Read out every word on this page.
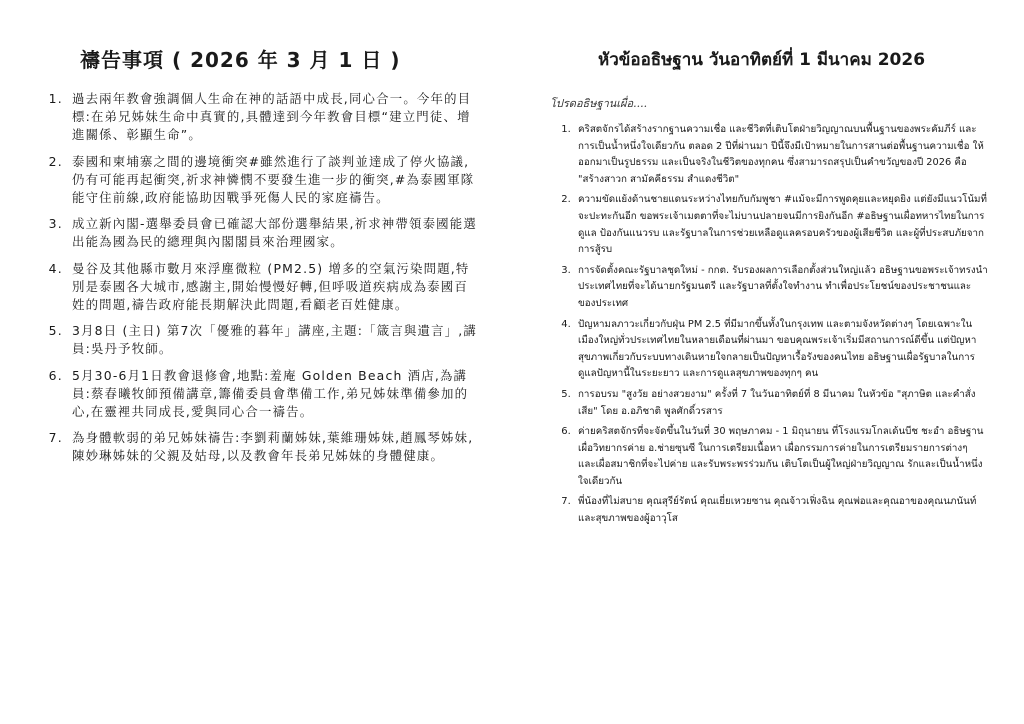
禱告事項 ( 2026 年 3 月 1 日 )
1. 過去兩年教會強調個人生命在神的話語中成長,同心合一。今年的目標:在弟兄姊妹生命中真實的,具體達到今年教會目標“建立門徒、增進關係、彰顯生命”。
2. 泰國和柬埔寨之間的邊境衝突#雖然進行了談判並達成了停火協議,仍有可能再起衝突,祈求神憐憫不要發生進一步的衝突,#為泰國軍隊能守住前線,政府能協助因戰爭死傷人民的家庭禱告。
3. 成立新內閣-選舉委員會已確認大部份選舉結果,祈求神帶領泰國能選出能為國為民的總理與內閣閣員來治理國家。
4. 曼谷及其他縣市數月來浮塵微粒 (PM2.5) 增多的空氣污染問題,特別是泰國各大城市,感謝主,開始慢慢好轉,但呼吸道疾病成為泰國百姓的問題,禱告政府能長期解決此問題,看顧老百姓健康。
5. 3月8日 (主日) 第7次「優雅的暮年」講座,主題:「箴言與遺言」,講員:吳丹予牧師。
6. 5月30-6月1日教會退修會,地點:羞庵 Golden Beach 酒店,為講員:蔡春曦牧師預備講章,籌備委員會準備工作,弟兄姊妹準備參加的心,在靈裡共同成長,愛與同心合一禱告。
7. 為身體軟弱的弟兄姊妹禱告:李劉莉蘭姊妹,葉維珊姊妹,趙鳳琴姊妹,陳妙琳姊妹的父親及姑母,以及教會年長弟兄姊妹的身體健康。
หัวข้ออธิษฐาน วันอาทิตย์ที่ 1 มีนาคม 2026
โปรดอธิษฐานเผื่อ....
1. คริสตจักรได้สร้างรากฐานความเชื่อ และชีวิตที่เติบโตฝ่ายวิญญาณบนพื้นฐานของพระคัมภีร์ และการเป็นน้ำหนึ่งใจเดียวกัน ตลอด 2 ปีที่ผ่านมา ปีนี้จึงมีเป้าหมายในการสานต่อพื้นฐานความเชื่อ ให้ออกมาเป็นรูปธรรม และเป็นจริงในชีวิตของทุกคน ซึ่งสามารถสรุปเป็นคำขวัญของปี 2026 คือ "สร้างสาวก สามัคคีธรรม สำแดงชีวิต"
2. ความขัดแย้งด้านชายแดนระหว่างไทยกับกัมพูชา #แม้จะมีการพูดคุยและหยุดยิง แต่ยังมีแนวโน้มที่จะปะทะกันอีก ขอพระเจ้าเมตตาที่จะไม่บานปลายจนมีการยิงกันอีก #อธิษฐานเผื่อทหารไทยในการดูแล ป้องกันแนวรบ และรัฐบาลในการช่วยเหลือดูแลครอบครัวของผู้เสียชีวิต และผู้ที่ประสบภัยจากการสู้รบ
3. การจัดตั้งคณะรัฐบาลชุดใหม่ - กกต. รับรองผลการเลือกตั้งส่วนใหญ่แล้ว อธิษฐานขอพระเจ้าทรงนำประเทศไทยที่จะได้นายกรัฐมนตรี และรัฐบาลที่ตั้งใจทำงาน ทำเพื่อประโยชน์ของประชาชนและของประเทศ
4. ปัญหามลภาวะเกี่ยวกับฝุ่น PM 2.5 ที่มีมากขึ้นทั้งในกรุงเทพ และตามจังหวัดต่างๆ โดยเฉพาะในเมืองใหญ่ทั่วประเทศไทยในหลายเดือนที่ผ่านมา ขอบคุณพระเจ้าเริ่มมีสถานการณ์ดีขึ้น แต่ปัญหาสุขภาพเกี่ยวกับระบบทางเดินหายใจกลายเป็นปัญหาเรื้อรังของคนไทย อธิษฐานเผื่อรัฐบาลในการดูแลปัญหานี้ในระยะยาว และการดูแลสุขภาพของทุกๆ คน
5. การอบรม "สูงวัย อย่างสวยงาม" ครั้งที่ 7 ในวันอาทิตย์ที่ 8 มีนาคม ในหัวข้อ "สุภาษิต และคำสั่งเสีย" โดย อ.อภิชาติ พูลศักดิ์วรสาร
6. ค่ายคริสตจักรที่จะจัดขึ้นในวันที่ 30 พฤษภาคม - 1 มิถุนายน ที่โรงแรมโกลเด้นบีช ชะอำ อธิษฐานเผื่อวิทยากรค่าย อ.ช่ายซุนซี ในการเตรียมเนื้อหา เผื่อกรรมการค่ายในการเตรียมรายการต่างๆ และเผื่อสมาชิกที่จะไปค่าย และรับพระพรร่วมกัน เติบโตเป็นผู้ใหญ่ฝ่ายวิญญาณ รักและเป็นน้ำหนึ่งใจเดียวกัน
7. พี่น้องที่ไม่สบาย คุณสุรีย์รัตน์ คุณเยี่ยเหวยซาน คุณจ้าวเฟิ่งฉิน คุณพ่อและคุณอาของคุณนภนันท์ และสุขภาพของผู้อาวุโส
